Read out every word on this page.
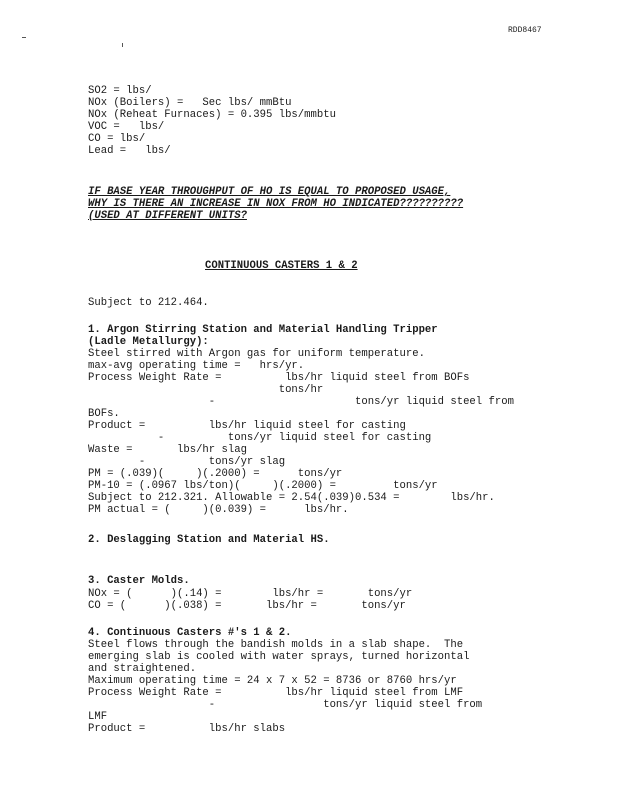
RDD8467
SO2 = lbs/
NOx (Boilers) =   Sec lbs/ mmBtu
NOx (Reheat Furnaces) = 0.395 lbs/mmbtu
VOC =   lbs/
CO = lbs/
Lead =   lbs/
IF BASE YEAR THROUGHPUT OF HO IS EQUAL TO PROPOSED USAGE,
WHY IS THERE AN INCREASE IN NOX FROM HO INDICATED??????????
(USED AT DIFFERENT UNITS?
CONTINUOUS CASTERS 1 & 2
Subject to 212.464.
1. Argon Stirring Station and Material Handling Tripper
(Ladle Metallurgy):
Steel stirred with Argon gas for uniform temperature.
max-avg operating time =   hrs/yr.
Process Weight Rate =          lbs/hr liquid steel from BOFs
tons/hr
-                      tons/yr liquid steel from
BOFs.
Product =          lbs/hr liquid steel for casting
-          tons/yr liquid steel for casting
Waste =       lbs/hr slag
-          tons/yr slag
PM = (.039)(     )(.2000) =      tons/yr
PM-10 = (.0967 lbs/ton)(     )(.2000) =         tons/yr
Subject to 212.321. Allowable = 2.54(.039)0.534 =        lbs/hr.
PM actual = (     )(0.039) =      lbs/hr.
2. Deslagging Station and Material HS.
3. Caster Molds.
NOx = (      )(.14) =        lbs/hr =       tons/yr
CO = (      )(.038) =       lbs/hr =       tons/yr
4. Continuous Casters #'s 1 & 2.
Steel flows through the bandish molds in a slab shape.  The
emerging slab is cooled with water sprays, turned horizontal
and straightened.
Maximum operating time = 24 x 7 x 52 = 8736 or 8760 hrs/yr
Process Weight Rate =          lbs/hr liquid steel from LMF
-                 tons/yr liquid steel from
LMF
Product =          lbs/hr slabs
